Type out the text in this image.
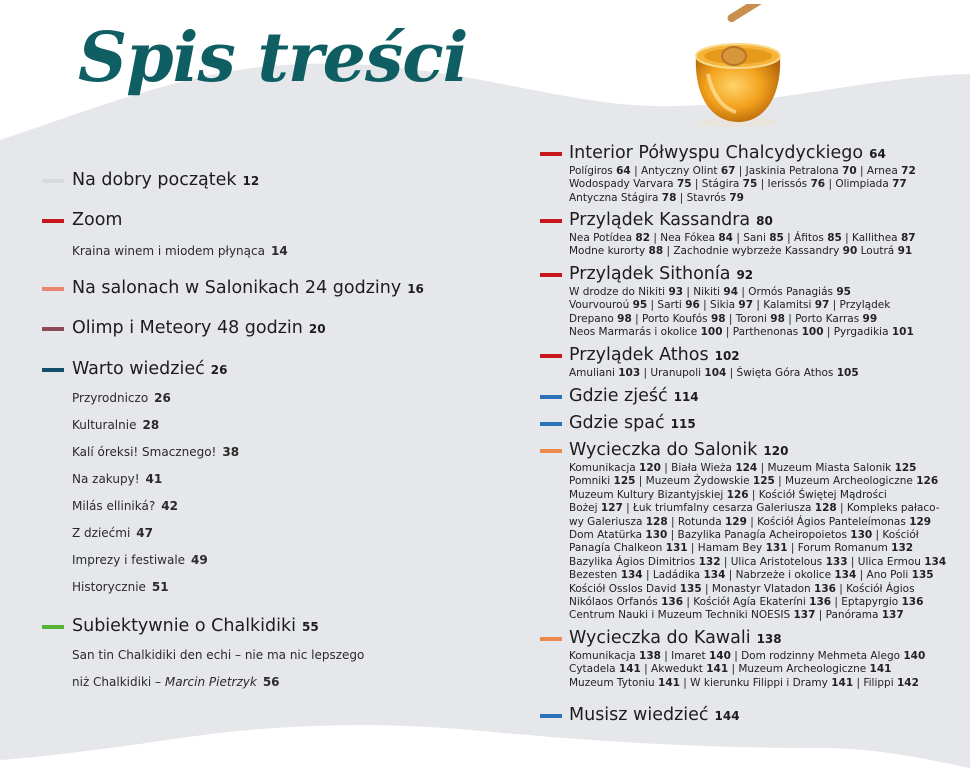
Spis treści
Na dobry początek 12
Zoom
Kraina winem i miodem płynąca 14
Na salonach w Salonikach 24 godziny 16
Olimp i Meteory 48 godzin 20
Warto wiedzieć 26
Przyrodniczo 26
Kulturalnie 28
Kalí óreksi! Smacznego! 38
Na zakupy! 41
Milás elliniká? 42
Z dziećmi 47
Imprezy i festiwale 49
Historycznie 51
Subiektywnie o Chalkidiki 55
San tin Chalkidiki den echi – nie ma nic lepszego
niż Chalkidiki – Marcin Pietrzyk 56
Interior Półwyspu Chalcydyckiego 64
Polígiros 64 | Antyczny Olint 67 | Jaskinia Petralona 70 | Arnea 72
Wodospady Varvara 75 | Stágira 75 | Ierissós 76 | Olimpiada 77
Antyczna Stágira 78 | Stavrós 79
Przylądek Kassandra 80
Nea Potídea 82 | Nea Fókea 84 | Sani 85 | Áfitos 85 | Kallithea 87
Modne kurorty 88 | Zachodnie wybrzeże Kassandry 90 Loutrá 91
Przylądek Sithonía 92
W drodze do Nikiti 93 | Nikiti 94 | Ormós Panagiás 95
Vourvouroú 95 | Sarti 96 | Sikia 97 | Kalamitsi 97 | Przylądek
Drepano 98 | Porto Koufós 98 | Toroni 98 | Porto Karras 99
Neos Marmarás i okolice 100 | Parthenonas 100 | Pyrgadikia 101
Przylądek Athos 102
Amuliani 103 | Uranupoli 104 | Święta Góra Athos 105
Gdzie zjeść 114
Gdzie spać 115
Wycieczka do Salonik 120
Komunikacja 120 | Biała Wieża 124 | Muzeum Miasta Salonik 125
Pomniki 125 | Muzeum Żydowskie 125 | Muzeum Archeologiczne 126
Muzeum Kultury Bizantyjskiej 126 | Kościół Świętej Mądrości
Bożej 127 | Łuk triumfalny cesarza Galeriusza 128 | Kompleks pałaco-
wy Galeriusza 128 | Rotunda 129 | Kościół Ágios Panteleímonas 129
Dom Atatürka 130 | Bazylika Panagía Acheiropoietos 130 | Kościół
Panagía Chalkeon 131 | Hamam Bey 131 | Forum Romanum 132
Bazylika Ágios Dimitrios 132 | Ulica Aristotelous 133 | Ulica Ermou 134
Bezesten 134 | Ladádika 134 | Nabrzeże i okolice 134 | Ano Poli 135
Kościół Osslos David 135 | Monastyr Vlatadon 136 | Kościół Ágios
Nikólaos Orfanós 136 | Kościół Agía Ekateríni 136 | Eptapyrgio 136
Centrum Nauki i Muzeum Techniki NOESIS 137 | Panórama 137
Wycieczka do Kawali 138
Komunikacja 138 | Imaret 140 | Dom rodzinny Mehmeta Alego 140
Cytadela 141 | Akwedukt 141 | Muzeum Archeologiczne 141
Muzeum Tytoniu 141 | W kierunku Filippi i Dramy 141 | Filippi 142
Musisz wiedzieć 144
